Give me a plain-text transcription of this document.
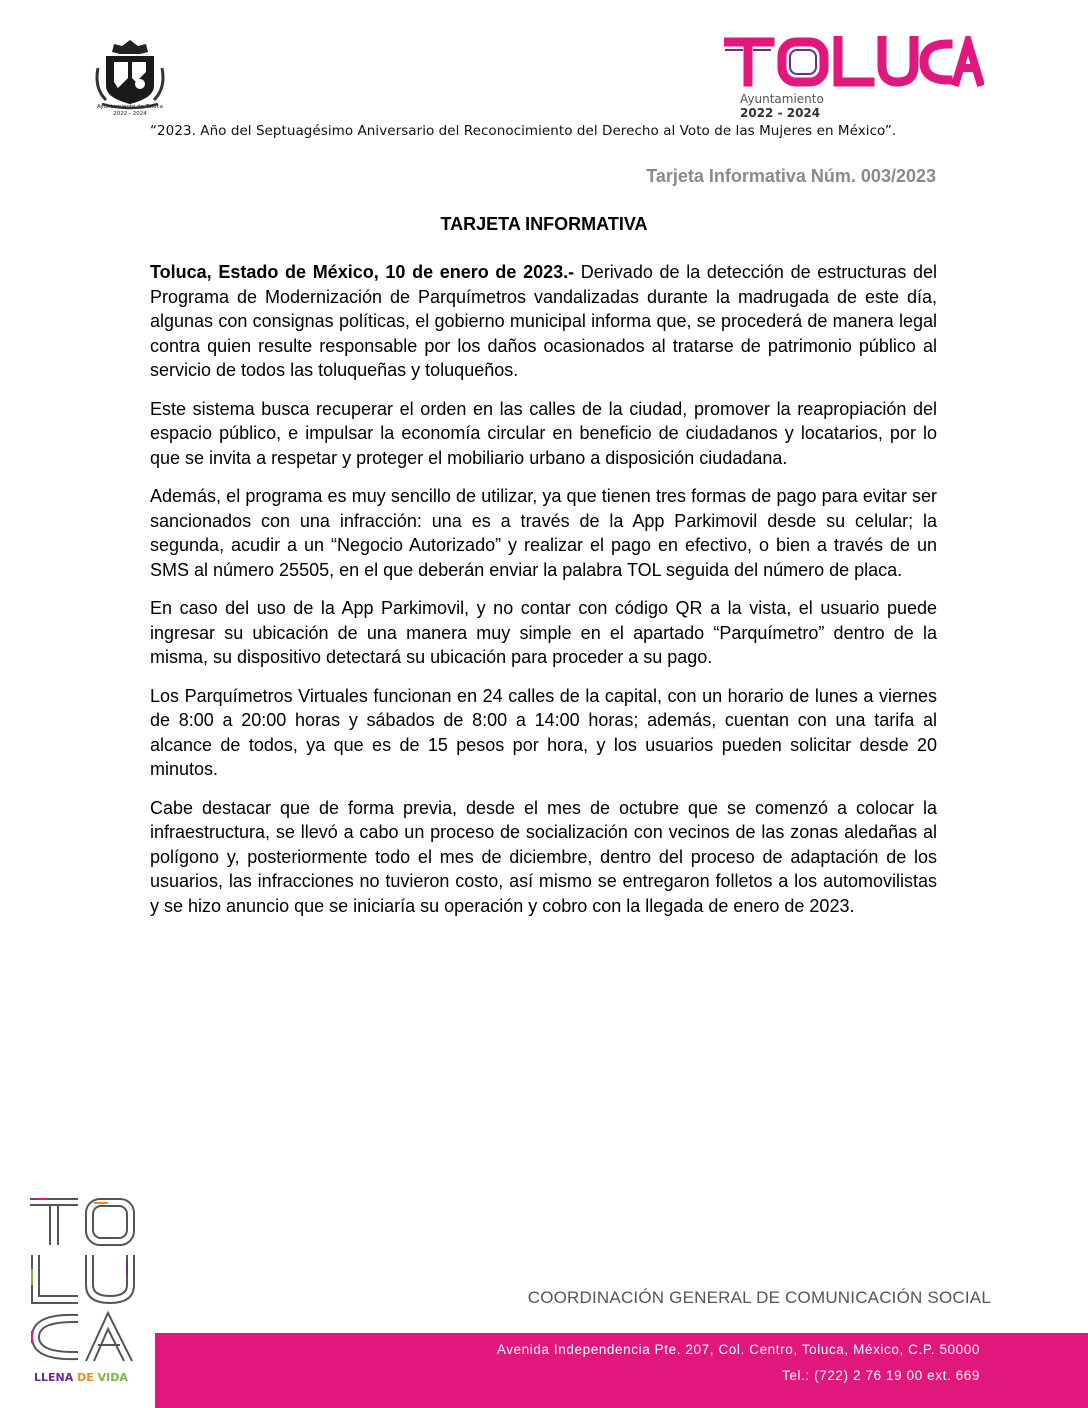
Ayuntamiento de Toluca
2022 - 2024
Ayuntamiento
2022 - 2024
“2023. Año del Septuagésimo Aniversario del Reconocimiento del Derecho al Voto de las Mujeres en México”.
Tarjeta Informativa Núm. 003/2023
TARJETA INFORMATIVA

Toluca, Estado de México, 10 de enero de 2023.- Derivado de la detección de estructuras del Programa de Modernización de Parquímetros vandalizadas durante la madrugada de este día, algunas con consignas políticas, el gobierno municipal informa que, se procederá de manera legal contra quien resulte responsable por los daños ocasionados al tratarse de patrimonio público al servicio de todos las toluqueñas y toluqueños.

Este sistema busca recuperar el orden en las calles de la ciudad, promover la reapropiación del espacio público, e impulsar la economía circular en beneficio de ciudadanos y locatarios, por lo que se invita a respetar y proteger el mobiliario urbano a disposición ciudadana.

Además, el programa es muy sencillo de utilizar, ya que tienen tres formas de pago para evitar ser sancionados con una infracción: una es a través de la App Parkimovil desde su celular; la segunda, acudir a un “Negocio Autorizado” y realizar el pago en efectivo, o bien a través de un SMS al número 25505, en el que deberán enviar la palabra TOL seguida del número de placa.

En caso del uso de la App Parkimovil, y no contar con código QR a la vista, el usuario puede ingresar su ubicación de una manera muy simple en el apartado “Parquímetro” dentro de la misma, su dispositivo detectará su ubicación para proceder a su pago.

Los Parquímetros Virtuales funcionan en 24 calles de la capital, con un horario de lunes a viernes de 8:00 a 20:00 horas y sábados de 8:00 a 14:00 horas; además, cuentan con una tarifa al alcance de todos, ya que es de 15 pesos por hora, y los usuarios pueden solicitar desde 20 minutos.

Cabe destacar que de forma previa, desde el mes de octubre que se comenzó a colocar la infraestructura, se llevó a cabo un proceso de socialización con vecinos de las zonas aledañas al polígono y, posteriormente todo el mes de diciembre, dentro del proceso de adaptación de los usuarios, las infracciones no tuvieron costo, así mismo se entregaron folletos a los automovilistas y se hizo anuncio que se iniciaría su operación y cobro con la llegada de enero de 2023.

LLENA DE VIDA
COORDINACIÓN GENERAL DE COMUNICACIÓN SOCIAL
Avenida Independencia Pte. 207, Col. Centro, Toluca, México, C.P. 50000
Tel.: (722) 2 76 19 00 ext. 669
